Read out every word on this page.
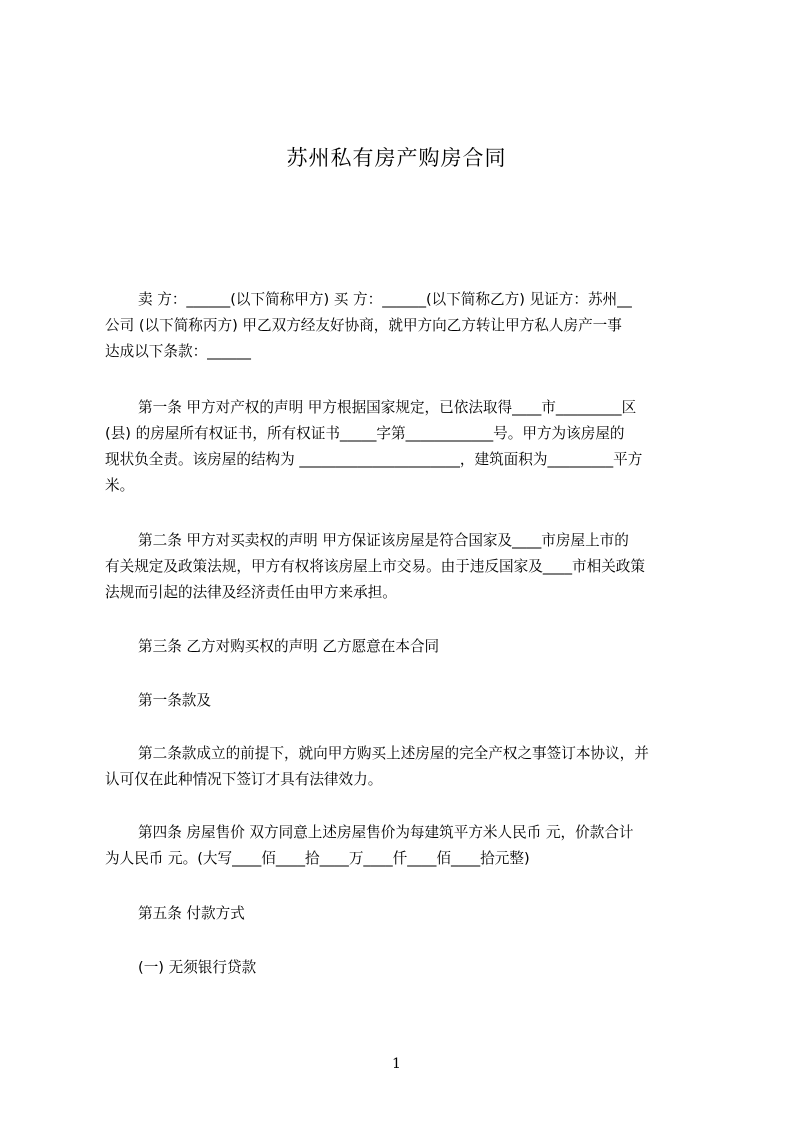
苏州私有房产购房合同
卖 方：______(以下简称甲方) 买 方：______(以下简称乙方) 见证方：苏州__
公司 (以下简称丙方) 甲乙双方经友好协商，就甲方向乙方转让甲方私人房产一事
达成以下条款：______
第一条 甲方对产权的声明 甲方根据国家规定，已依法取得____市_________区
(县) 的房屋所有权证书，所有权证书_____字第____________号。甲方为该房屋的
现状负全责。该房屋的结构为 ______________________，建筑面积为_________平方
米。
第二条 甲方对买卖权的声明 甲方保证该房屋是符合国家及____市房屋上市的
有关规定及政策法规，甲方有权将该房屋上市交易。由于违反国家及____市相关政策
法规而引起的法律及经济责任由甲方来承担。
第三条 乙方对购买权的声明 乙方愿意在本合同
第一条款及
第二条款成立的前提下，就向甲方购买上述房屋的完全产权之事签订本协议，并
认可仅在此种情况下签订才具有法律效力。
第四条 房屋售价 双方同意上述房屋售价为每建筑平方米人民币 元，价款合计
为人民币 元。(大写____佰____拾____万____仟____佰____拾元整)
第五条 付款方式
(一) 无须银行贷款
1
